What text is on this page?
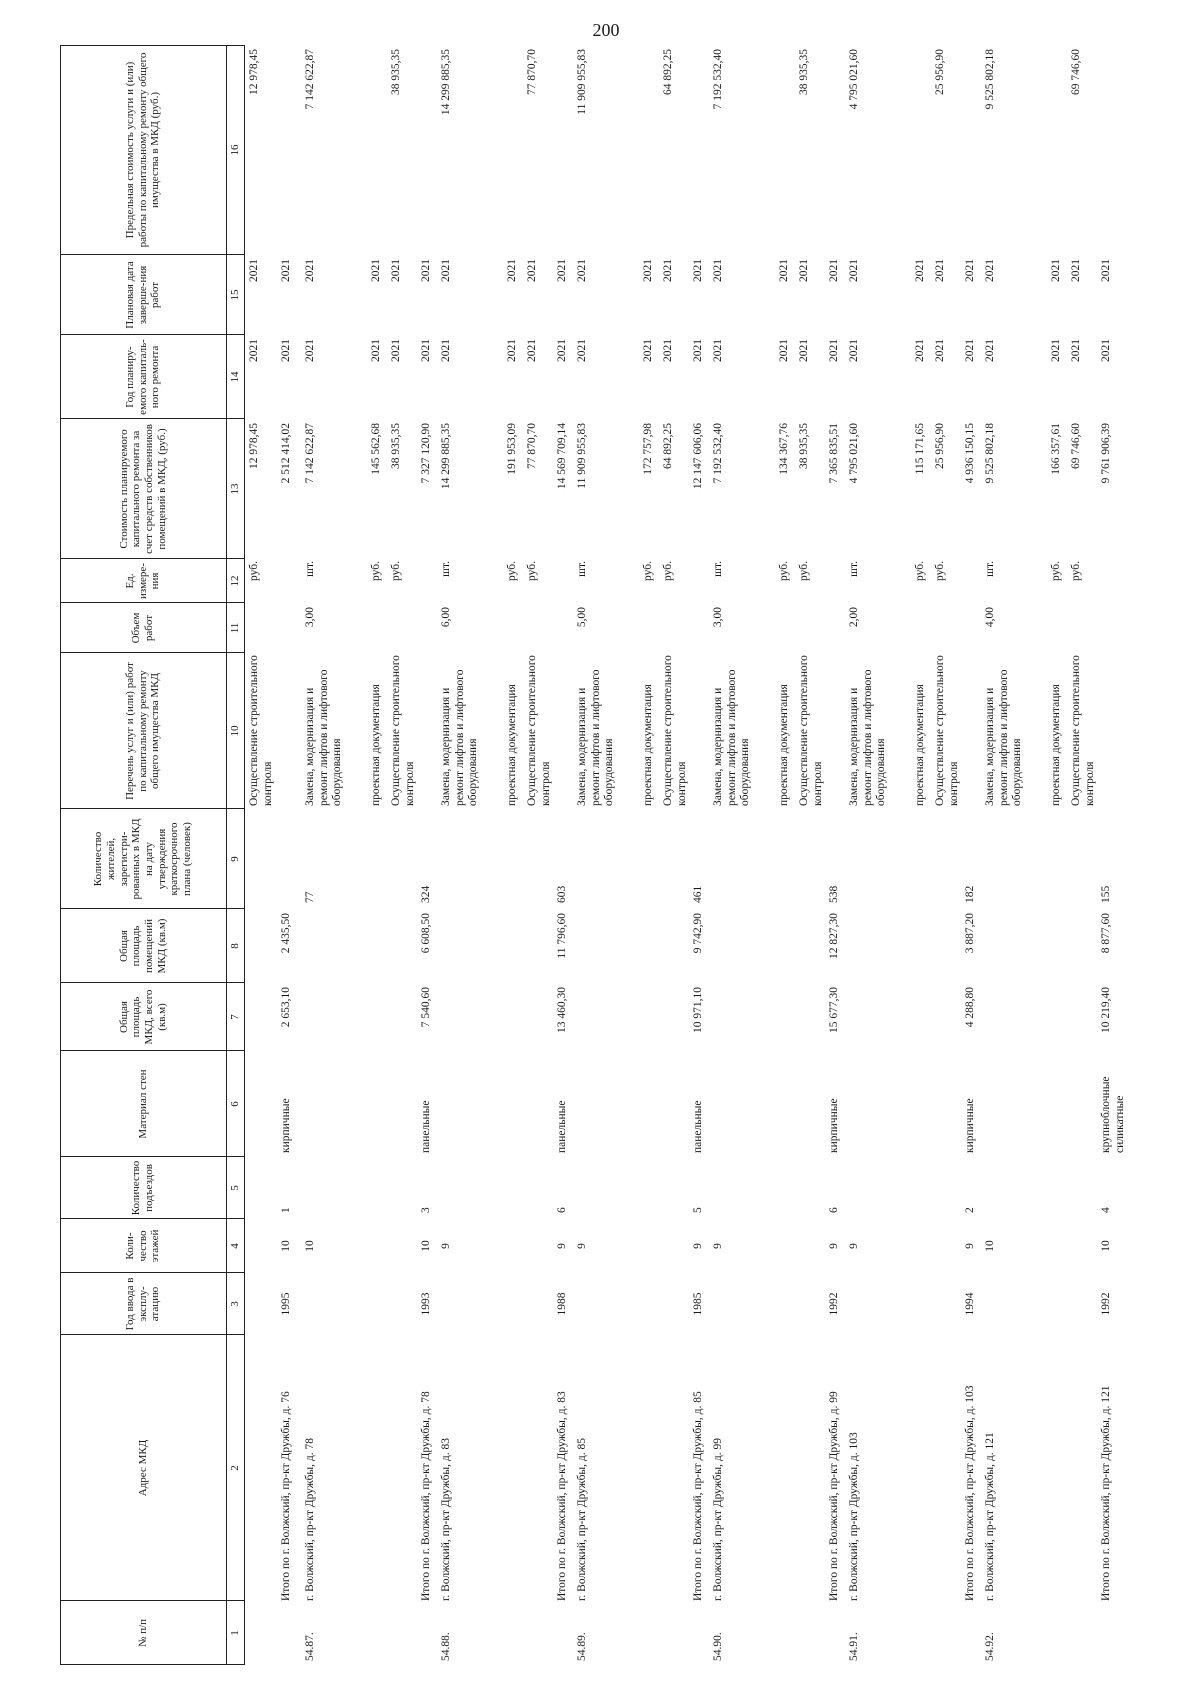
200
№ п/п
Адрес МКД
Год ввода в эксплу-атацию
Коли-чество этажей
Количество подъездов
Материал стен
Общая площадь МКД, всего (кв.м)
Общая площадь помещений МКД (кв.м)
Количество жителей, зарегистри-рованных в МКД на дату утверждения краткосрочного плана (человек)
Перечень услуг и (или) работ по капитальному ремонту общего имущества МКД
Объем работ
Ед. измере-ния
Стоимость планируемого капитального ремонта за счет средств собственников помещений в МКД, (руб.)
Год планиру-емого капиталь-ного ремонта
Плановая дата заверше-ния работ
Предельная стоимость услуги и (или) работы по капитальному ремонту общего имущества в МКД (руб.)
1
2
3
4
5
6
7
8
9
10
11
12
13
14
15
16
Осуществление строительного контроля
руб.
12 978,45
2021
2021
12 978,45
Итого по г. Волжский, пр-кт Дружбы, д. 76
1995
10
1
кирпичные
2 653,10
2 435,50
2 512 414,02
2021
2021
54.87.
г. Волжский, пр-кт Дружбы, д. 78
10
77
Замена, модернизация и ремонт лифтов и лифтового оборудования
3,00
шт.
7 142 622,87
2021
2021
7 142 622,87
проектная документация
руб.
145 562,68
2021
2021
Осуществление строительного контроля
руб.
38 935,35
2021
2021
38 935,35
Итого по г. Волжский, пр-кт Дружбы, д. 78
1993
10
3
панельные
7 540,60
6 608,50
324
7 327 120,90
2021
2021
54.88.
г. Волжский, пр-кт Дружбы, д. 83
9
Замена, модернизация и ремонт лифтов и лифтового оборудования
6,00
шт.
14 299 885,35
2021
2021
14 299 885,35
проектная документация
руб.
191 953,09
2021
2021
Осуществление строительного контроля
руб.
77 870,70
2021
2021
77 870,70
Итого по г. Волжский, пр-кт Дружбы, д. 83
1988
9
6
панельные
13 460,30
11 796,60
603
14 569 709,14
2021
2021
54.89.
г. Волжский, пр-кт Дружбы, д. 85
9
Замена, модернизация и ремонт лифтов и лифтового оборудования
5,00
шт.
11 909 955,83
2021
2021
11 909 955,83
проектная документация
руб.
172 757,98
2021
2021
Осуществление строительного контроля
руб.
64 892,25
2021
2021
64 892,25
Итого по г. Волжский, пр-кт Дружбы, д. 85
1985
9
5
панельные
10 971,10
9 742,90
461
12 147 606,06
2021
2021
54.90.
г. Волжский, пр-кт Дружбы, д. 99
9
Замена, модернизация и ремонт лифтов и лифтового оборудования
3,00
шт.
7 192 532,40
2021
2021
7 192 532,40
проектная документация
руб.
134 367,76
2021
2021
Осуществление строительного контроля
руб.
38 935,35
2021
2021
38 935,35
Итого по г. Волжский, пр-кт Дружбы, д. 99
1992
9
6
кирпичные
15 677,30
12 827,30
538
7 365 835,51
2021
2021
54.91.
г. Волжский, пр-кт Дружбы, д. 103
9
Замена, модернизация и ремонт лифтов и лифтового оборудования
2,00
шт.
4 795 021,60
2021
2021
4 795 021,60
проектная документация
руб.
115 171,65
2021
2021
Осуществление строительного контроля
руб.
25 956,90
2021
2021
25 956,90
Итого по г. Волжский, пр-кт Дружбы, д. 103
1994
9
2
кирпичные
4 288,80
3 887,20
182
4 936 150,15
2021
2021
54.92.
г. Волжский, пр-кт Дружбы, д. 121
10
Замена, модернизация и ремонт лифтов и лифтового оборудования
4,00
шт.
9 525 802,18
2021
2021
9 525 802,18
проектная документация
руб.
166 357,61
2021
2021
Осуществление строительного контроля
руб.
69 746,60
2021
2021
69 746,60
Итого по г. Волжский, пр-кт Дружбы, д. 121
1992
10
4
крупноблочные силикатные
10 219,40
8 877,60
155
9 761 906,39
2021
2021
